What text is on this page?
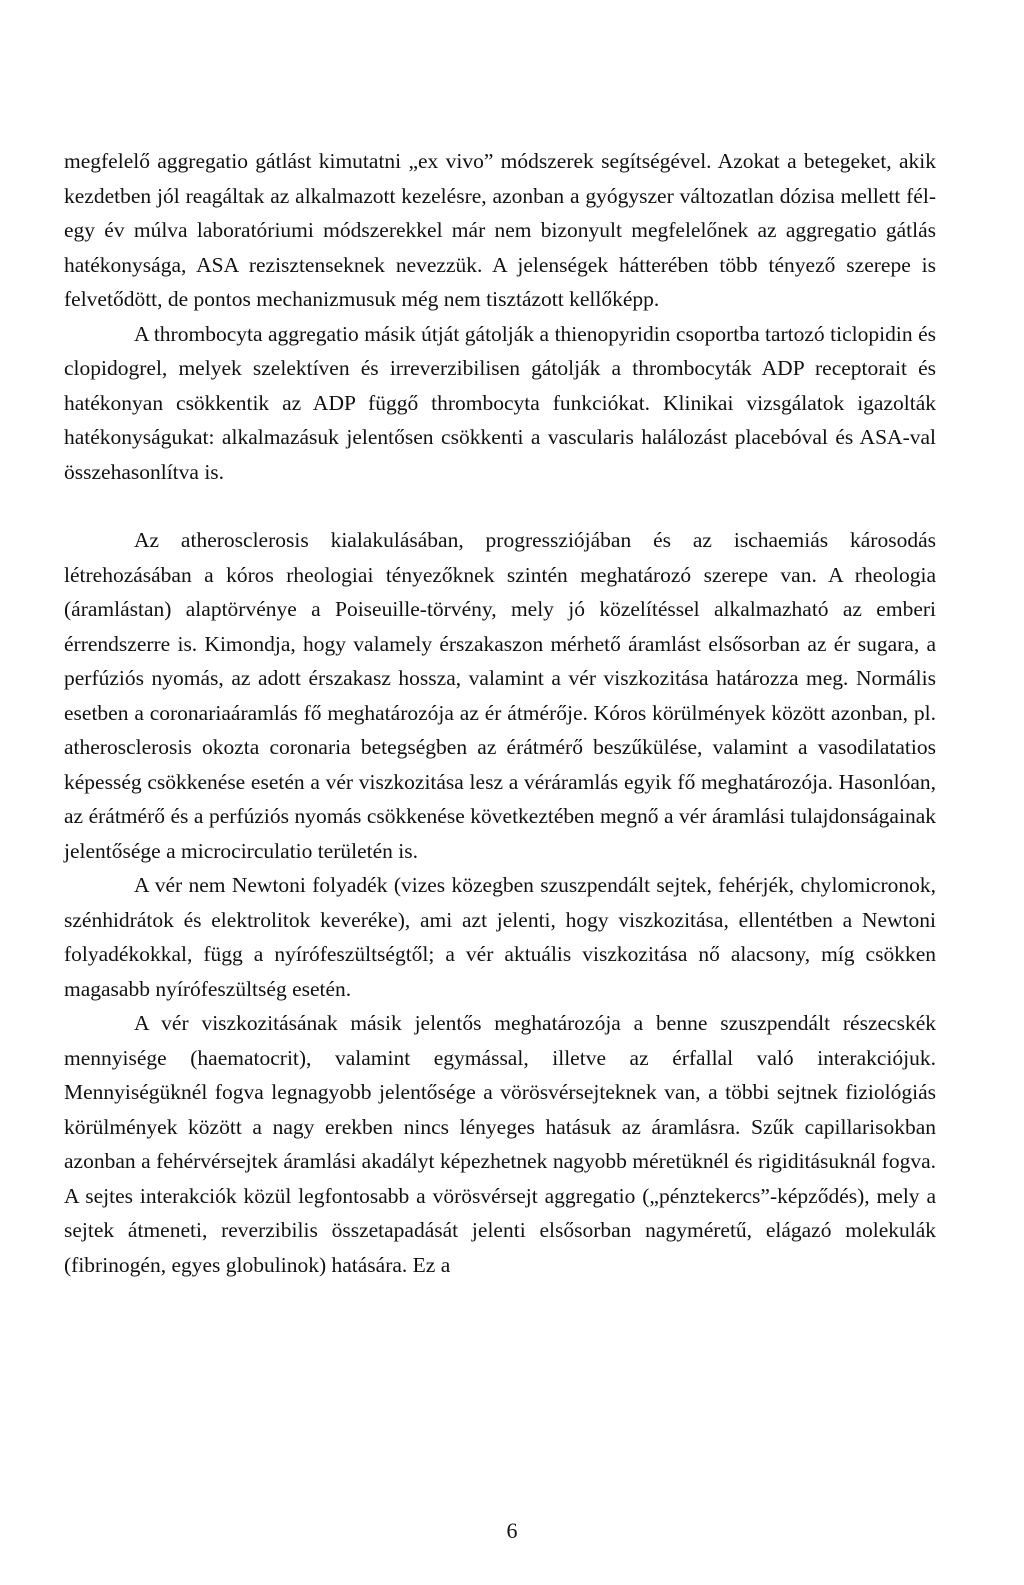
megfelelő aggregatio gátlást kimutatni „ex vivo” módszerek segítségével. Azokat a betegeket, akik kezdetben jól reagáltak az alkalmazott kezelésre, azonban a gyógyszer változatlan dózisa mellett fél-egy év múlva laboratóriumi módszerekkel már nem bizonyult megfelelőnek az aggregatio gátlás hatékonysága, ASA rezisztenseknek nevezzük. A jelenségek hátterében több tényező szerepe is felvetődött, de pontos mechanizmusuk még nem tisztázott kellőképp.

A thrombocyta aggregatio másik útját gátolják a thienopyridin csoportba tartozó ticlopidin és clopidogrel, melyek szelektíven és irreverzibilisen gátolják a thrombocyták ADP receptorait és hatékonyan csökkentik az ADP függő thrombocyta funkciókat. Klinikai vizsgálatok igazolták hatékonyságukat: alkalmazásuk jelentősen csökkenti a vascularis halálozást placebóval és ASA-val összehasonlítva is.

Az atherosclerosis kialakulásában, progressziójában és az ischaemiás károsodás létrehozásában a kóros rheologiai tényezőknek szintén meghatározó szerepe van. A rheologia (áramlástan) alaptörvénye a Poiseuille-törvény, mely jó közelítéssel alkalmazható az emberi érrendszerre is. Kimondja, hogy valamely érszakaszon mérhető áramlást elsősorban az ér sugara, a perfúziós nyomás, az adott érszakasz hossza, valamint a vér viszkozitása határozza meg. Normális esetben a coronariaáramlás fő meghatározója az ér átmérője. Kóros körülmények között azonban, pl. atherosclerosis okozta coronaria betegségben az érátmérő beszűkülése, valamint a vasodilatatios képesség csökkenése esetén a vér viszkozitása lesz a véráramlás egyik fő meghatározója. Hasonlóan, az érátmérő és a perfúziós nyomás csökkenése következtében megnő a vér áramlási tulajdonságainak jelentősége a microcirculatio területén is.

A vér nem Newtoni folyadék (vizes közegben szuszpendált sejtek, fehérjék, chylomicronok, szénhidrátok és elektrolitok keveréke), ami azt jelenti, hogy viszkozitása, ellentétben a Newtoni folyadékokkal, függ a nyírófeszültségtől; a vér aktuális viszkozitása nő alacsony, míg csökken magasabb nyírófeszültség esetén.

A vér viszkozitásának másik jelentős meghatározója a benne szuszpendált részecskék mennyisége (haematocrit), valamint egymással, illetve az érfallal való interakciójuk. Mennyiségüknél fogva legnagyobb jelentősége a vörösvérsejteknek van, a többi sejtnek fiziológiás körülmények között a nagy erekben nincs lényeges hatásuk az áramlásra. Szűk capillarisokban azonban a fehérvérsejtek áramlási akadályt képezhetnek nagyobb méretüknél és rigiditásuknál fogva. A sejtes interakciók közül legfontosabb a vörösvérsejt aggregatio („pénztekercs”-képződés), mely a sejtek átmeneti, reverzibilis összetapadását jelenti elsősorban nagyméretű, elágazó molekulák (fibrinogén, egyes globulinok) hatására. Ez a

6
